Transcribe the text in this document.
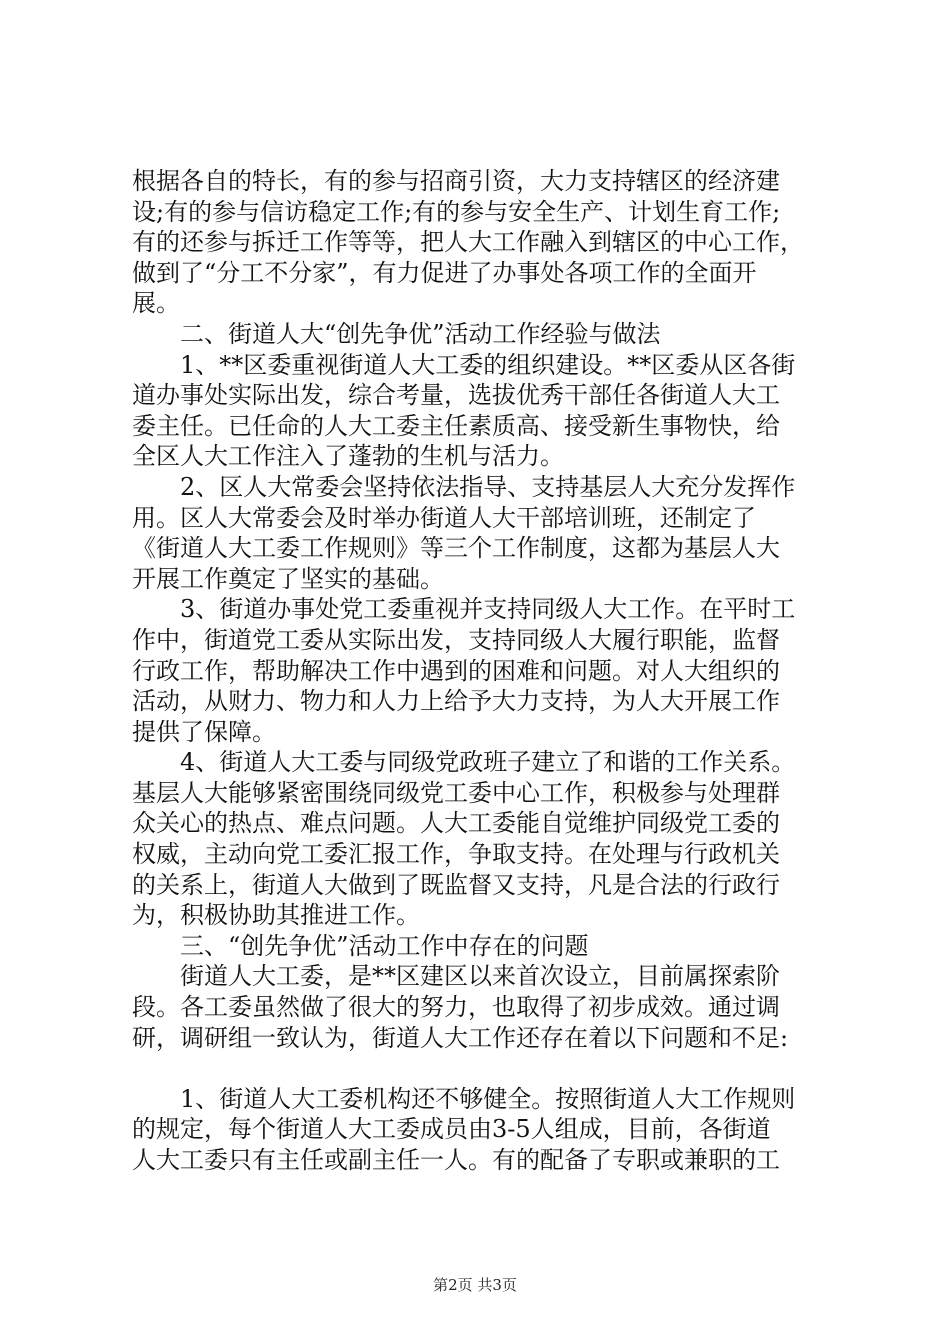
根据各自的特长，有的参与招商引资，大力支持辖区的经济建
设;有的参与信访稳定工作;有的参与安全生产、计划生育工作;
有的还参与拆迁工作等等，把人大工作融入到辖区的中心工作，
做到了“分工不分家”，有力促进了办事处各项工作的全面开
展。
　　二、街道人大“创先争优”活动工作经验与做法
　　1、**区委重视街道人大工委的组织建设。**区委从区各街
道办事处实际出发，综合考量，选拔优秀干部任各街道人大工
委主任。已任命的人大工委主任素质高、接受新生事物快，给
全区人大工作注入了蓬勃的生机与活力。
　　2、区人大常委会坚持依法指导、支持基层人大充分发挥作
用。区人大常委会及时举办街道人大干部培训班，还制定了
《街道人大工委工作规则》等三个工作制度，这都为基层人大
开展工作奠定了坚实的基础。
　　3、街道办事处党工委重视并支持同级人大工作。在平时工
作中，街道党工委从实际出发，支持同级人大履行职能，监督
行政工作，帮助解决工作中遇到的困难和问题。对人大组织的
活动，从财力、物力和人力上给予大力支持，为人大开展工作
提供了保障。
　　4、街道人大工委与同级党政班子建立了和谐的工作关系。
基层人大能够紧密围绕同级党工委中心工作，积极参与处理群
众关心的热点、难点问题。人大工委能自觉维护同级党工委的
权威，主动向党工委汇报工作，争取支持。在处理与行政机关
的关系上，街道人大做到了既监督又支持，凡是合法的行政行
为，积极协助其推进工作。
　　三、“创先争优”活动工作中存在的问题
　　街道人大工委，是**区建区以来首次设立，目前属探索阶
段。各工委虽然做了很大的努力，也取得了初步成效。通过调
研，调研组一致认为，街道人大工作还存在着以下问题和不足:
　　1、街道人大工委机构还不够健全。按照街道人大工作规则
的规定，每个街道人大工委成员由3-5人组成，目前，各街道
人大工委只有主任或副主任一人。有的配备了专职或兼职的工
第2页 共3页
